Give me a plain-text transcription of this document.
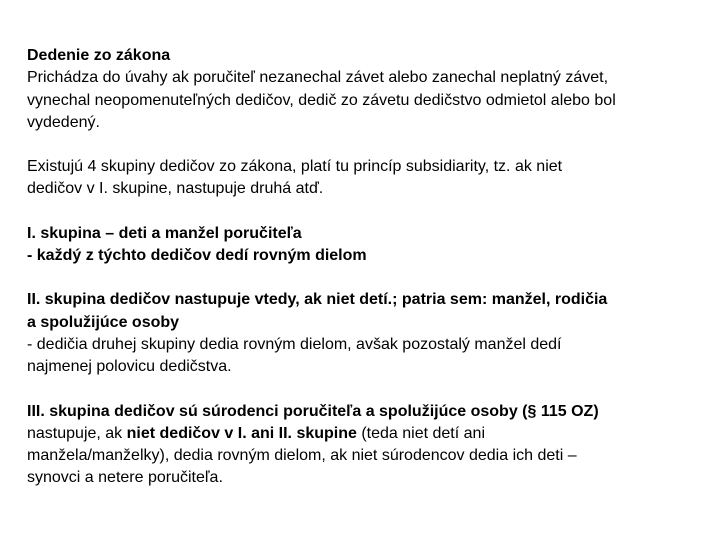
Dedenie zo zákona
Prichádza do úvahy ak poručiteľ nezanechal závet alebo zanechal neplatný závet,
vynechal neopomenuteľných dedičov, dedič zo závetu dedičstvo odmietol alebo bol
vydedený.
Existujú 4 skupiny dedičov zo zákona, platí tu princíp subsidiarity, tz. ak niet
dedičov v I. skupine, nastupuje druhá atď.
I. skupina – deti a manžel poručiteľa
- každý z týchto dedičov dedí rovným dielom
II. skupina dedičov nastupuje vtedy, ak niet detí.; patria sem: manžel, rodičia
a spolužijúce osoby
- dedičia druhej skupiny dedia rovným dielom, avšak pozostalý manžel dedí
najmenej polovicu dedičstva.
III. skupina dedičov sú súrodenci poručiteľa a spolužijúce osoby (§ 115 OZ)
nastupuje, ak niet dedičov v I. ani II. skupine (teda niet detí ani
manžela/manželky), dedia rovným dielom, ak niet súrodencov dedia ich deti –
synovci a netere poručiteľa.
